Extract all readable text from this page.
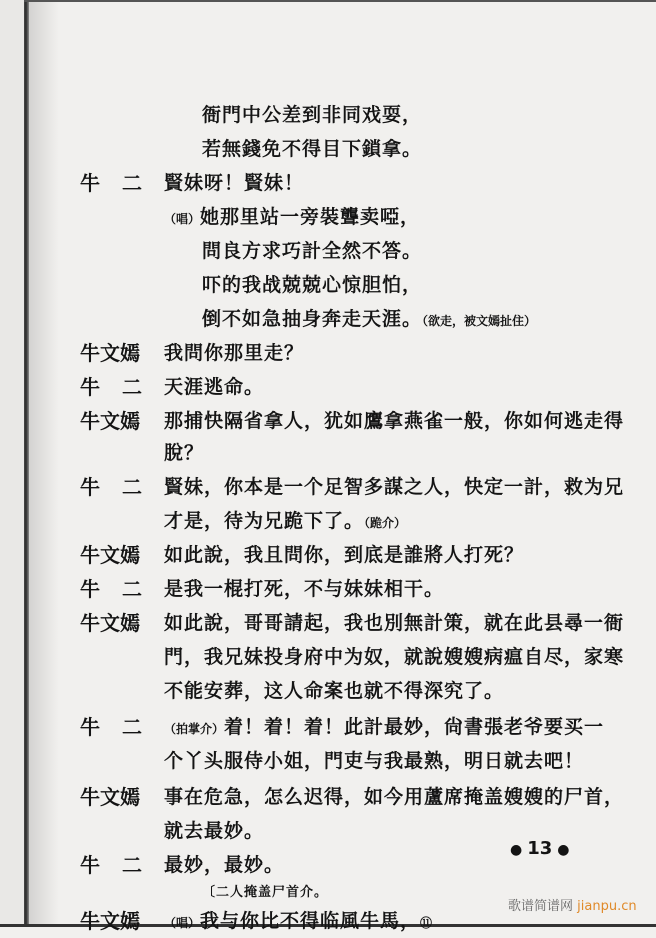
衙門中公差到非同戏耍，
若無錢免不得目下鎖拿。
牛二 賢妹呀！賢妹！
（唱）她那里站一旁裝聾卖啞，
問良方求巧計全然不答。
吓的我战兢兢心惊胆怕，
倒不如急抽身奔走天涯。（欲走，被文嫣扯住）
牛文嫣	我問你那里走？
牛二 天涯逃命。
牛文嫣	那捕快隔省拿人，犹如鷹拿燕雀一般，你如何逃走得
脫？
牛二 賢妹，你本是一个足智多謀之人，快定一計，救为兄
才是，待为兄跪下了。（跪介）
牛文嫣	如此說，我且問你，到底是誰將人打死？
牛二 是我一棍打死，不与妹妹相干。
牛文嫣	如此說，哥哥請起，我也別無計策，就在此县尋一衙
門，我兄妹投身府中为奴，就說嫂嫂病瘟自尽，家寒
不能安葬，这人命案也就不得深究了。
牛二 （拍掌介）着！着！着！此計最妙，尙書張老爷要买一
个丫头服侍小姐，門吏与我最熟，明日就去吧！
牛文嫣	事在危急，怎么迟得，如今用蘆席掩盖嫂嫂的尸首，
就去最妙。
牛二 最妙，最妙。
〔二人掩盖尸首介。
牛文嫣	（唱）我与你比不得临風牛馬，⑪
● 13 ●
歌谱简谱网 jianpu.cn
